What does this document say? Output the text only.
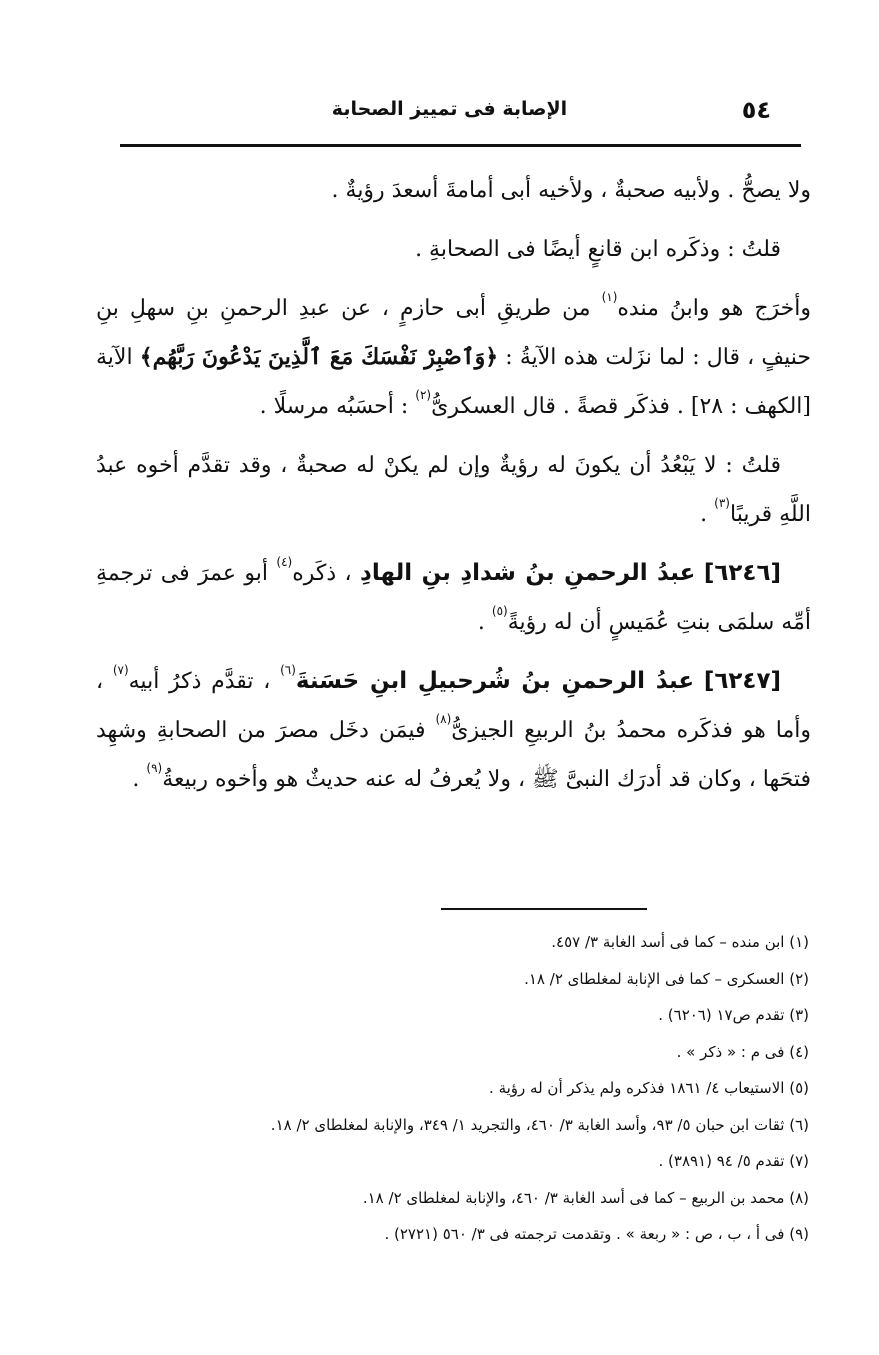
٥٤
الإصابة فى تمييز الصحابة

ولا يصحُّ . ولأبيه صحبةٌ ، ولأخيه أبى أمامةَ أسعدَ رؤيةٌ .

قلتُ : وذكَره ابن قانعٍ أيضًا فى الصحابةِ .

وأخرَج هو وابنُ منده$^{(١)}$ من طريقِ أبى حازمٍ ، عن عبدِ الرحمنِ بنِ سهلِ بنِ حنيفٍ ، قال : لما نزَلت هذه الآيةُ : ﴿وَٱصْبِرْ نَفْسَكَ مَعَ ٱلَّذِينَ يَدْعُونَ رَبَّهُم﴾ الآية [الكهف : ٢٨] . فذكَر قصةً . قال العسكرىُّ$^{(٢)}$ : أحسَبُه مرسلًا .

قلتُ : لا يَبْعُدُ أن يكونَ له رؤيةٌ وإن لم يكنْ له صحبةٌ ، وقد تقدَّم أخوه عبدُ اللَّهِ قريبًا$^{(٣)}$ .

[٦٢٤٦] عبدُ الرحمنِ بنُ شدادِ بنِ الهادِ ، ذكَره$^{(٤)}$ أبو عمرَ فى ترجمةِ أمِّه سلمَى بنتِ عُمَيسٍ أن له رؤيةً$^{(٥)}$ .

[٦٢٤٧] عبدُ الرحمنِ بنُ شُرحبيلِ ابنِ حَسَنةَ$^{(٦)}$ ، تقدَّم ذكرُ أبيه$^{(٧)}$ ، وأما هو فذكَره محمدُ بنُ الربيعِ الجيزىُّ$^{(٨)}$ فيمَن دخَل مصرَ من الصحابةِ وشهِد فتحَها ، وكان قد أدرَك النبىَّ ﷺ ، ولا يُعرفُ له عنه حديثٌ هو وأخوه ربيعةُ$^{(٩)}$ .

(١) ابن منده – كما فى أسد الغابة ٣/ ٤٥٧.
(٢) العسكرى – كما فى الإنابة لمغلطاى ٢/ ١٨.
(٣) تقدم ص١٧ (٦٢٠٦) .
(٤) فى م : « ذكر » .
(٥) الاستيعاب ٤/ ١٨٦١ فذكره ولم يذكر أن له رؤية .
(٦) ثقات ابن حبان ٥/ ٩٣، وأسد الغابة ٣/ ٤٦٠، والتجريد ١/ ٣٤٩، والإنابة لمغلطاى ٢/ ١٨.
(٧) تقدم ٥/ ٩٤ (٣٨٩١) .
(٨) محمد بن الربيع – كما فى أسد الغابة ٣/ ٤٦٠، والإنابة لمغلطاى ٢/ ١٨.
(٩) فى أ ، ب ، ص : « ربعة » . وتقدمت ترجمته فى ٣/ ٥٦٠ (٢٧٢١) .
